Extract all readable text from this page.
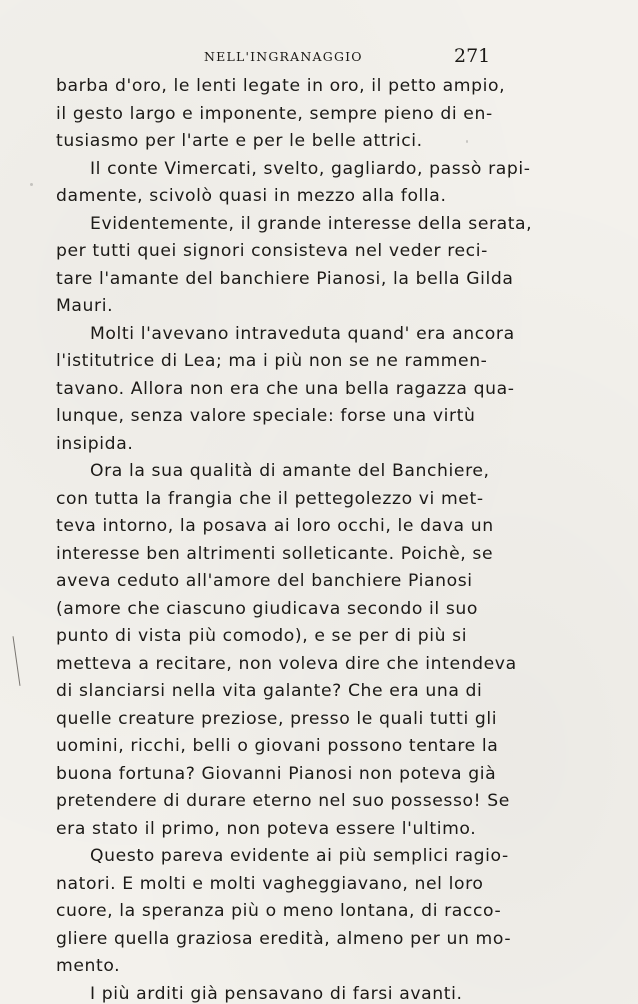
NELL'INGRANAGGIO	271
barba d'oro, le lenti legate in oro, il petto ampio,
il gesto largo e imponente, sempre pieno di en-
tusiasmo per l'arte e per le belle attrici.
Il conte Vimercati, svelto, gagliardo, passò rapi-
damente, scivolò quasi in mezzo alla folla.
Evidentemente, il grande interesse della serata,
per tutti quei signori consisteva nel veder reci-
tare l'amante del banchiere Pianosi, la bella Gilda
Mauri.
Molti l'avevano intraveduta quand' era ancora
l'istitutrice di Lea; ma i più non se ne rammen-
tavano. Allora non era che una bella ragazza qua-
lunque, senza valore speciale: forse una virtù
insipida.
Ora la sua qualità di amante del Banchiere,
con tutta la frangia che il pettegolezzo vi met-
teva intorno, la posava ai loro occhi, le dava un
interesse ben altrimenti solleticante. Poichè, se
aveva ceduto all'amore del banchiere Pianosi
(amore che ciascuno giudicava secondo il suo
punto di vista più comodo), e se per di più si
metteva a recitare, non voleva dire che intendeva
di slanciarsi nella vita galante? Che era una di
quelle creature preziose, presso le quali tutti gli
uomini, ricchi, belli o giovani possono tentare la
buona fortuna? Giovanni Pianosi non poteva già
pretendere di durare eterno nel suo possesso! Se
era stato il primo, non poteva essere l'ultimo.
Questo pareva evidente ai più semplici ragio-
natori. E molti e molti vagheggiavano, nel loro
cuore, la speranza più o meno lontana, di racco-
gliere quella graziosa eredità, almeno per un mo-
mento.
I più arditi già pensavano di farsi avanti.
